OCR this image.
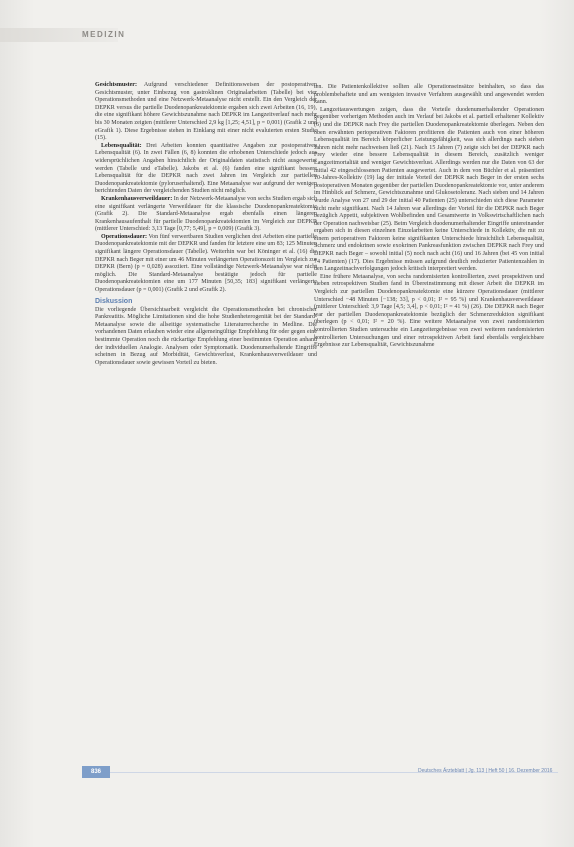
MEDIZIN

Gesichtsmuster: Aufgrund verschiedener Definitionsweisen der postoperativen Gesichtsmuster, unter Einbezug von gastroklinen Originalarbeiten (Tabelle) bei vier Operationsmethoden und eine Netzwerk-Metaanalyse nicht erstellt. Ein den Vergleich der DEPKR versus die partielle Duodenopankreatektomie ergaben sich zwei Arbeiten (16, 19), die eine signifikant höhere Gewichtszunahme nach DEPKR im Langzeitverlauf nach mehr bis 30 Monaten zeigten (mittlerer Unterschied 2,9 kg [1,25; 4,51], p = 0,001) (Grafik 2 und eGrafik 1). Diese Ergebnisse stehen in Einklang mit einer nicht evaluierten ersten Studie (15).

Lebensqualität: Drei Arbeiten konnten quantitative Angaben zur postoperativen Lebensqualität (6). In zwei Fällen (6, 8) konnten die erhobenen Unterschiede jedoch aus widersprüchlichen Angaben hinsichtlich der Originaldaten statistisch nicht ausgewertet werden (Tabelle und eTabelle). Jakobs et al. (6) fanden eine signifikant bessere Lebensqualität für die DEPKR nach zwei Jahren im Vergleich zur partiellen Duodenopankreatektomie (pyloruserhaltend). Eine Metaanalyse war aufgrund der wenigen berichtenden Daten der vergleichenden Studien nicht möglich.

Krankenhausverweildauer: In der Netzwerk-Metaanalyse von sechs Studien ergab sich eine signifikant verlängerte Verweildauer für die klassische Duodenopankreatektomie (Grafik 2). Die Standard-Metaanalyse ergab ebenfalls einen längeren Krankenhausaufenthalt für partielle Duodenopankreatektomien im Vergleich zur DEPKR (mittlerer Unterschied: 3,13 Tage [0,77; 5,49], p = 0,009) (Grafik 3).

Operationsdauer: Von fünf verwertbaren Studien verglichen drei Arbeiten eine partielle Duodenopankreatektomie mit der DEPKR und fanden für letztere eine um 83; 125 Minuten signifikant längere Operationsdauer (Tabelle). Weiterhin war bei Köninger et al. (16) die DEPKR nach Beger mit einer um 46 Minuten verlängerten Operationszeit im Vergleich zur DEPKR (Bern) (p = 0,028) assoziiert. Eine vollständige Netzwerk-Metaanalyse war nicht möglich. Die Standard-Metaanalyse bestätigte jedoch für partielle Duodenopankreatektomien eine um 177 Minuten [50,35; 183] signifikant verlängerte Operationsdauer (p = 0,001) (Grafik 2 und eGrafik 2).

Diskussion

Die vorliegende Übersichtsarbeit vergleicht die Operationsmethoden bei chronischer Pankreatitis. Mögliche Limitationen sind die hohe Studienheterogenität bei der Standard-Metaanalyse sowie die allseitige systematische Literaturrecherche in Medline. Die vorhandenen Daten erlauben wieder eine allgemeingültige Empfehlung für oder gegen eine bestimmte Operation noch die rückartige Empfehlung einer bestimmten Operation anhand der individuellen Analogie. Analysen oder Symptomatik. Duodenumerhaltende Eingriffe scheinen in Bezug auf Morbidität, Gewichtsverlust, Krankenhausverweildauer und Operationsdauer sowie gewissen Vorteil zu bieten.

ten. Die Patientenkollektive sollten alle Operationseinsätze beinhalten, so dass das problembehaftete und am wenigsten invasive Verfahren ausgewählt und angewendet werden kann.

Langzeitauswertungen zeigen, dass die Vorteile duodenumerhaltender Operationen gegenüber vorherigen Methoden auch im Verlauf bei Jakobs et al. partiell erhaltener Kollektiv (6) und die DEPKR nach Frey die partiellen Duodenopankreatektomie überlegen. Neben den oben erwähnten perioperativen Faktoren profitieren die Patienten auch von einer höheren Lebensqualität im Bereich körperlicher Leistungsfähigkeit, was sich allerdings nach sieben Jahren nicht mehr nachweisen ließ (21). Nach 15 Jahren (7) zeigte sich bei der DEPKR nach Frey wieder eine bessere Lebensqualität in diesem Bereich, zusätzlich weniger Langzeitmortalität und weniger Gewichtsverlust. Allerdings werden nur die Daten von 63 der initial 42 eingeschlossenen Patienten ausgewertet. Auch in dem von Büchler et al. präsentiert 10-Jahres-Kollektiv (19) lag der initiale Vorteil der DEPKR nach Beger in der ersten sechs postoperativen Monaten gegenüber der partiellen Duodenopankreatektomie vor, unter anderem im Hinblick auf Schmerz, Gewichtszunahme und Glukosetoleranz. Nach sieben und 14 Jahren wurde Analyse von 27 und 29 der initial 40 Patienten (25) unterschieden sich diese Parameter nicht mehr signifikant. Nach 14 Jahren war allerdings der Vorteil für die DEPKR nach Beger bezüglich Appetit, subjektiven Wohlbefinden und Gesamtwerte in Volkswirtschaftlichen nach der Operation nachweisbar (25). Beim Vergleich duodenumerhaltender Eingriffe untereinander ergaben sich in diesen einzelnen Einzelarbeiten keine Unterschiede in Kollektiv, die mit zu einem perioperativen Faktoren keine signifikanten Unterschiede hinsichtlich Lebensqualität, Schmerz und endokrinen sowie exokrinen Pankreasfunktion zwischen DEPKR nach Frey und DEPKR nach Beger – sowohl initial (5) noch nach acht (16) und 16 Jahren (bei 45 von initial 74 Patienten) (17). Dies Ergebnisse müssen aufgrund deutlich reduzierter Patientenzahlen in den Langzeitnachverfolgungen jedoch kritisch interpretiert werden.

Eine frühere Metaanalyse, von sechs randomisierten kontrollierten, zwei prospektiven und sieben retrospektiven Studien fand in Übereinstimmung mit dieser Arbeit die DEPKR im Vergleich zur partiellen Duodenopankreatektomie eine kürzere Operationsdauer (mittlerer Unterschied −48 Minuten [−138; 33], p < 0,01; I² = 95 %) und Krankenhausverweildauer (mittlerer Unterschied: 3,9 Tage [4,5; 3,4], p < 0,01; I² = 41 %) (26). Die DEPKR nach Beger war der partiellen Duodenopankreatektomie bezüglich der Schmerzreduktion signifikant überlegen (p < 0,01; I² = 20 %). Eine weitere Metaanalyse von zwei randomisierten kontrollierten Studien untersuchte ein Langzeitergebnisse von zwei weiteren randomisierten kontrollierten Untersuchungen und einer retrospektiven Arbeit fand ebenfalls vergleichbare Ergebnisse zur Lebensqualität, Gewichtszunahme

836	Deutsches Ärzteblatt | Jg. 113 | Heft 50 | 16. Dezember 2016
